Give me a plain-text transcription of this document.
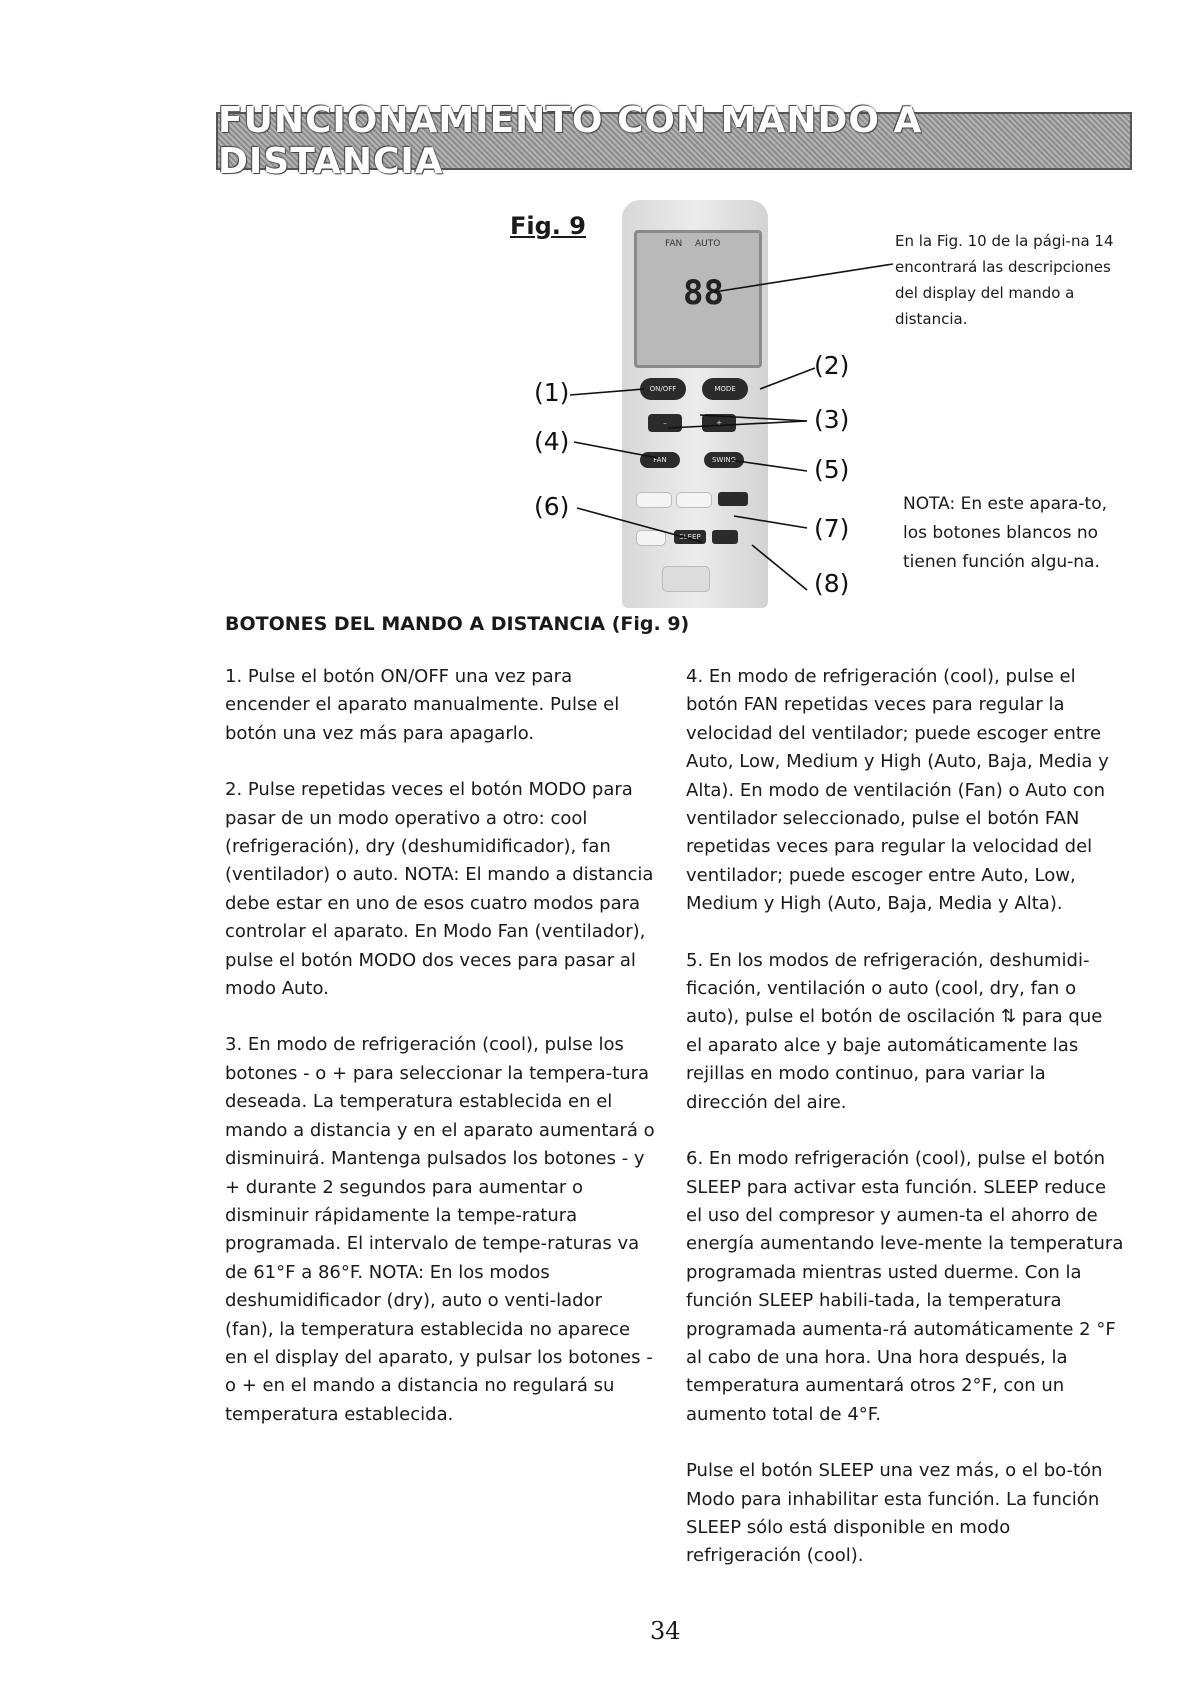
FUNCIONAMIENTO CON MANDO A DISTANCIA
Fig. 9
FAN AUTO
88
ON/OFF	MODE
–	+
FAN	SWING
SLEEP
(1)
(2)
(3)
(4)
(5)
(6)
(7)
(8)
En la Fig. 10 de la pági-na 14 encontrará las descripciones del display del mando a distancia.
NOTA: En este apara-to, los botones blancos no tienen función algu-na.
BOTONES DEL MANDO A DISTANCIA (Fig. 9)

1. Pulse el botón ON/OFF una vez para encender el aparato manualmente. Pulse el botón una vez más para apagarlo.

2. Pulse repetidas veces el botón MODO para pasar de un modo operativo a otro: cool (refrigeración), dry (deshumidificador), fan (ventilador) o auto. NOTA: El mando a distancia debe estar en uno de esos cuatro modos para controlar el aparato. En Modo Fan (ventilador), pulse el botón MODO dos veces para pasar al modo Auto.

3. En modo de refrigeración (cool), pulse los botones - o + para seleccionar la tempera-tura deseada. La temperatura establecida en el mando a distancia y en el aparato aumentará o disminuirá. Mantenga pulsados los botones - y + durante 2 segundos para aumentar o disminuir rápidamente la tempe-ratura programada. El intervalo de tempe-raturas va de 61°F a 86°F. NOTA: En los modos deshumidificador (dry), auto o venti-lador (fan), la temperatura establecida no aparece en el display del aparato, y pulsar los botones - o + en el mando a distancia no regulará su temperatura establecida.

4. En modo de refrigeración (cool), pulse el botón FAN repetidas veces para regular la velocidad del ventilador; puede escoger entre Auto, Low, Medium y High (Auto, Baja, Media y Alta). En modo de ventilación (Fan) o Auto con ventilador seleccionado, pulse el botón FAN repetidas veces para regular la velocidad del ventilador; puede escoger entre Auto, Low, Medium y High (Auto, Baja, Media y Alta).

5. En los modos de refrigeración, deshumidi-ficación, ventilación o auto (cool, dry, fan o auto), pulse el botón de oscilación ⇅ para que el aparato alce y baje automáticamente las rejillas en modo continuo, para variar la dirección del aire.

6. En modo refrigeración (cool), pulse el botón SLEEP para activar esta función. SLEEP reduce el uso del compresor y aumen-ta el ahorro de energía aumentando leve-mente la temperatura programada mientras usted duerme. Con la función SLEEP habili-tada, la temperatura programada aumenta-rá automáticamente 2 °F al cabo de una hora. Una hora después, la temperatura aumentará otros 2°F, con un aumento total de 4°F.

Pulse el botón SLEEP una vez más, o el bo-tón Modo para inhabilitar esta función. La función SLEEP sólo está disponible en modo refrigeración (cool).

34
